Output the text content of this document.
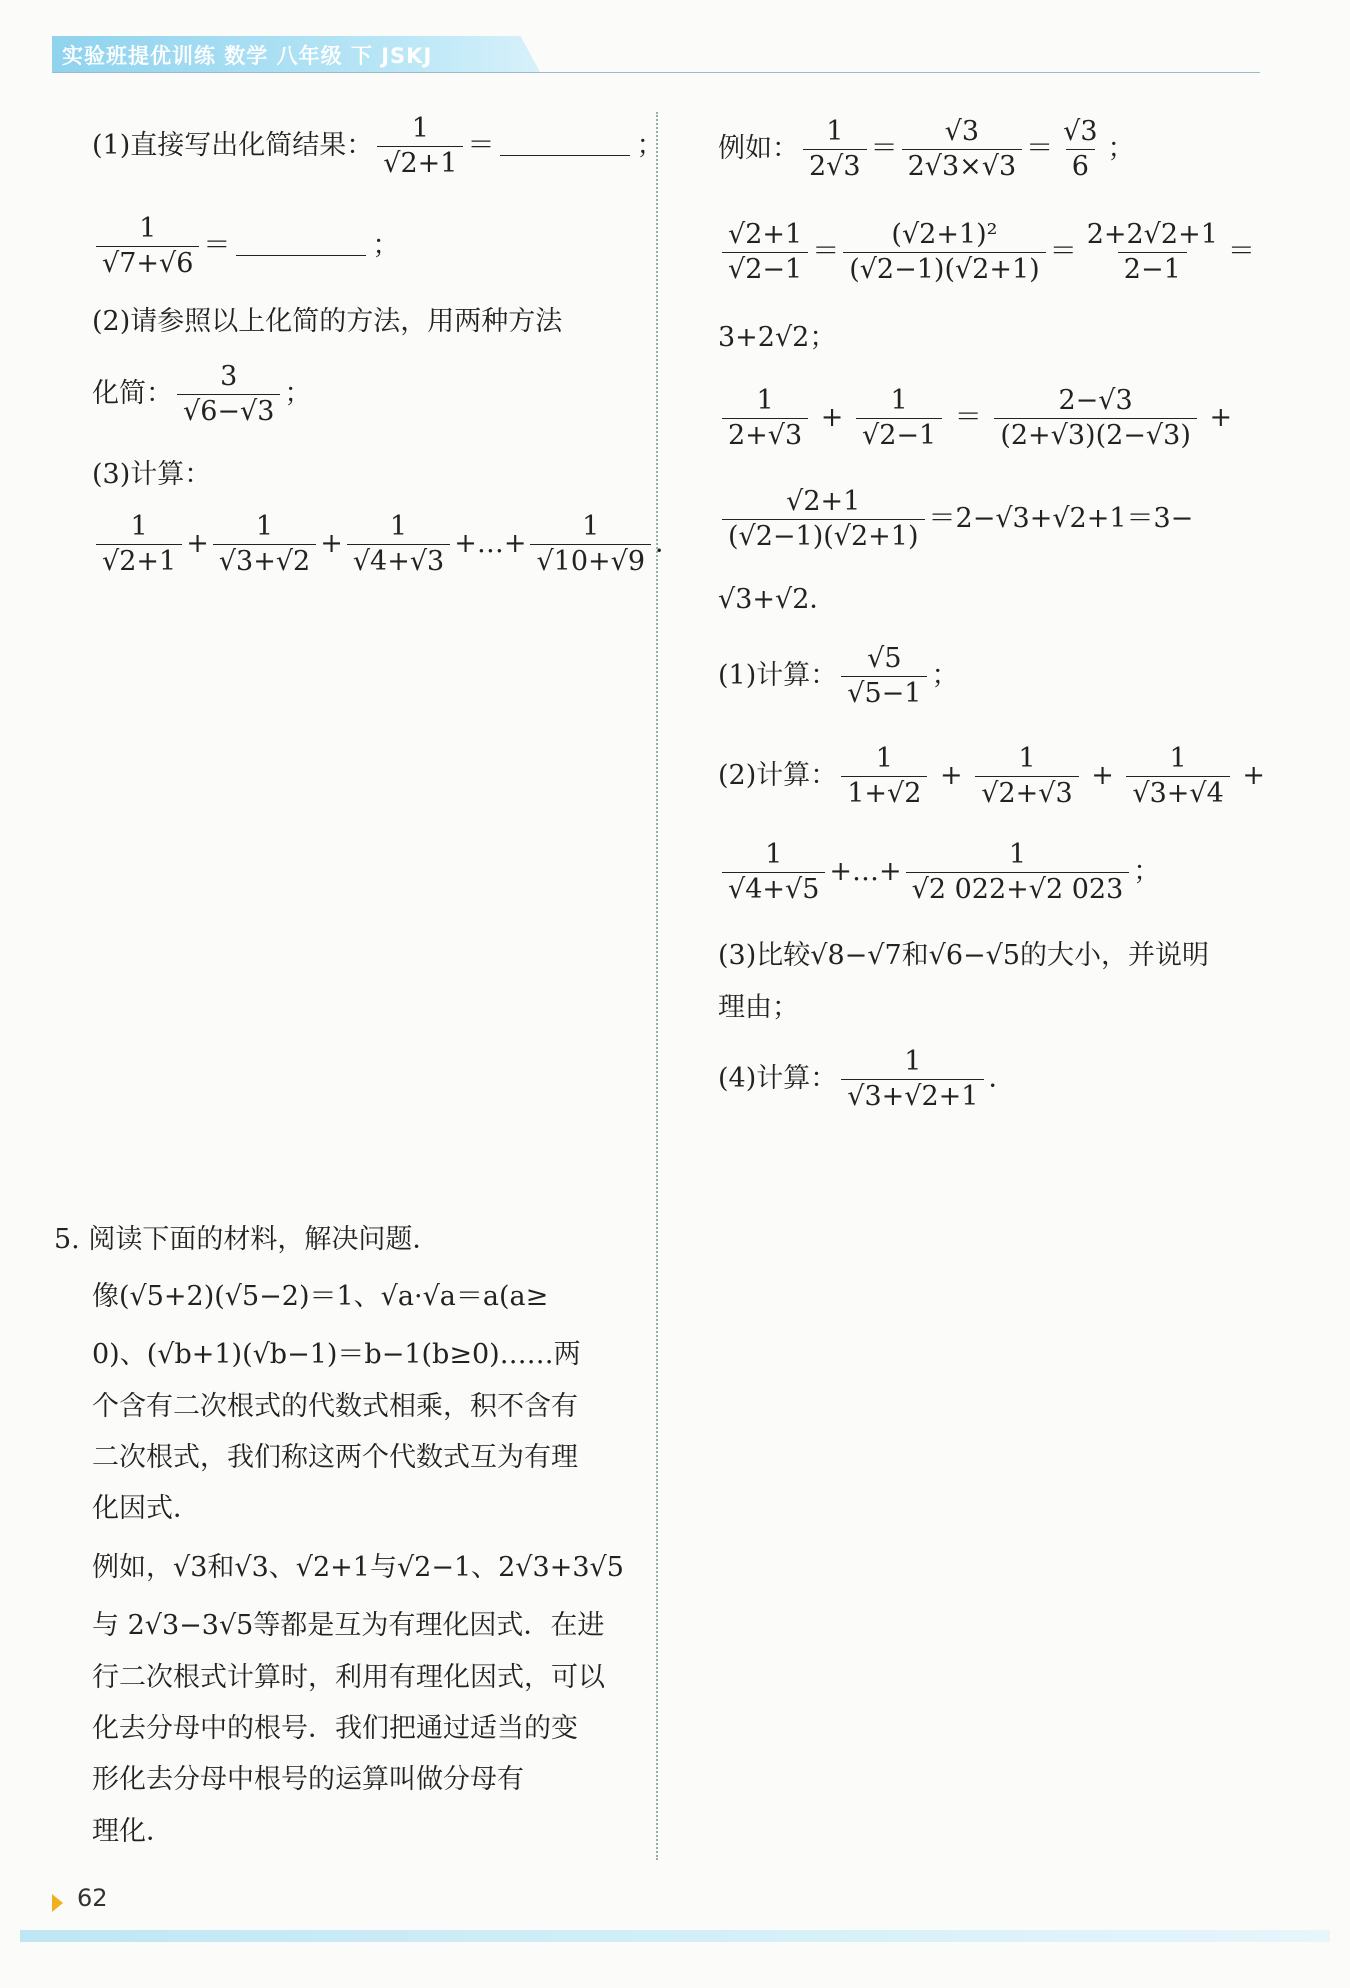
实验班提优训练 数学 八年级 下 JSKJ
(1)直接写出化简结果： $\frac{1}{√2+1}$ ＝	；
$\frac{1}{√7+√6}$ ＝	；
(2)请参照以上化简的方法，用两种方法
化简： $\frac{3}{√6-√3}$ ；
(3)计算：
$\frac{1}{√2+1} + \frac{1}{√3+√2} + \frac{1}{√4+√3}$ +…+ $\frac{1}{√10+√9}$ ．
5. 阅读下面的材料，解决问题．
像(√5+2)(√5−2)＝1、√a·√a＝a(a≥
0)、(√b+1)(√b−1)＝b−1(b≥0)……两
个含有二次根式的代数式相乘，积不含有
二次根式，我们称这两个代数式互为有理
化因式．
例如，√3和√3、√2+1与√2−1、2√3+3√5
与 2√3−3√5等都是互为有理化因式．在进
行二次根式计算时，利用有理化因式，可以
化去分母中的根号．我们把通过适当的变
形化去分母中根号的运算叫做分母有
理化．
例如： $\frac{1}{2√3} = \frac{√3}{2√3\times√3} = \frac{√3}{6}$ ；
$\frac{√2+1}{√2-1} = \frac{\text{(√2+1)²}}{(√2-1)(√2+1)} = \frac{2+2√2+1}{2-1}$ ＝
3+2√2；
$\frac{1}{2+√3} + \frac{1}{√2-1} = \frac{2-√3}{(2+√3)(2-√3)}$ +
$\frac{√2+1}{(√2-1)(√2+1)} =2-√3+√2+1=3-$
√3+√2．
(1)计算： $\frac{√5}{√5-1}$ ；
(2)计算： $\frac{1}{1+√2} + \frac{1}{√2+√3} + \frac{1}{√3+√4}$ +
$\frac{1}{√4+√5}$ +…+ $\frac{1}{√2 022+√2 023}$ ；
(3)比较√8−√7和√6−√5的大小，并说明
理由；
(4)计算： $\frac{1}{√3+√2+1}$ ．
62
